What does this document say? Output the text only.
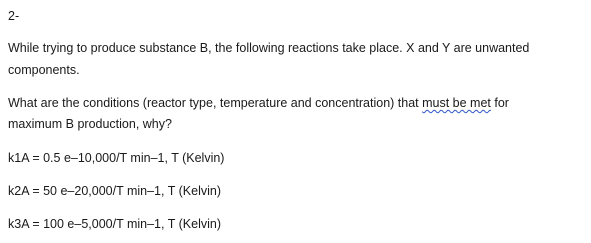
2-
While trying to produce substance B, the following reactions take place. X and Y are unwanted
components.
What are the conditions (reactor type, temperature and concentration) that must be met for
maximum B production, why?
k1A = 0.5 e–10,000/T min–1, T (Kelvin)
k2A = 50 e–20,000/T min–1, T (Kelvin)
k3A = 100 e–5,000/T min–1, T (Kelvin)
